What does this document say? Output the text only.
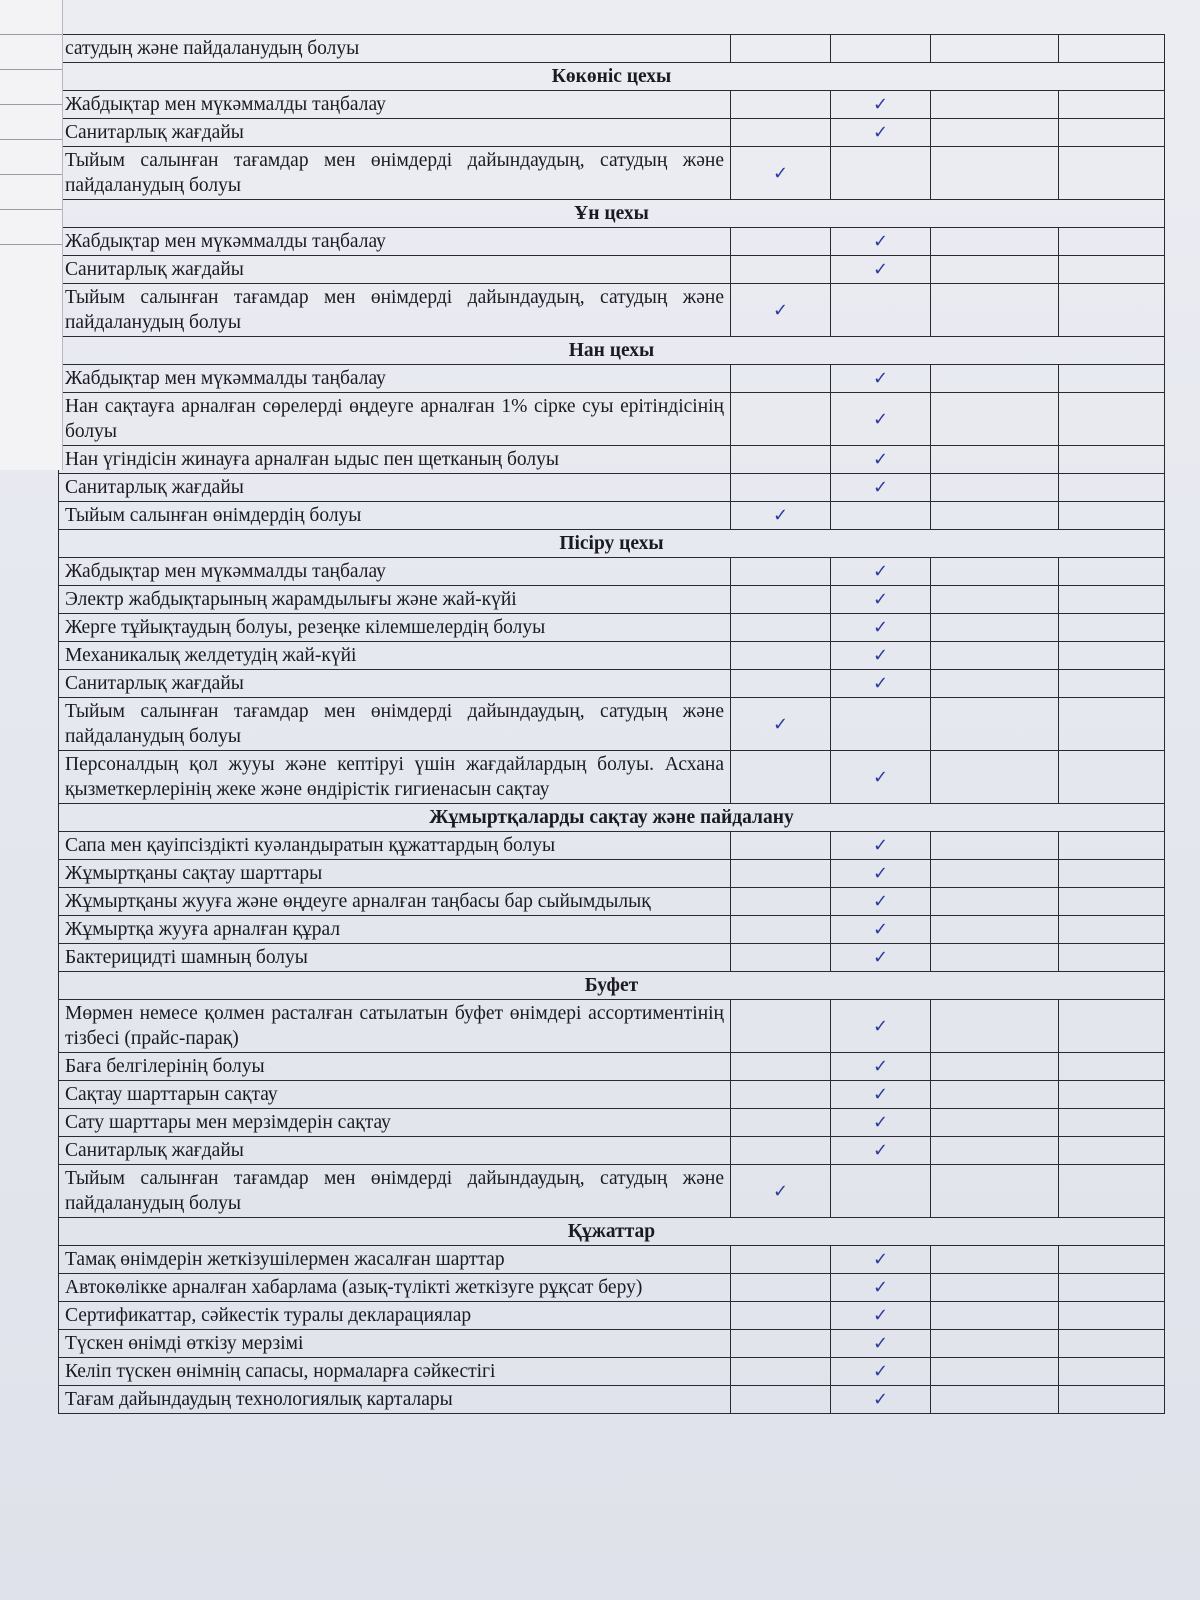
сатудың және пайдаланудың болуы				
Көкөніс цехы				
Жабдықтар мен мүкəммалды таңбалау		✓		
Санитарлық жағдайы		✓		
Тыйым салынған тағамдар мен өнімдерді дайындаудың, сатудың және пайдаланудың болуы	✓			
Ұн цехы				
Жабдықтар мен мүкəммалды таңбалау		✓		
Санитарлық жағдайы		✓		
Тыйым салынған тағамдар мен өнімдерді дайындаудың, сатудың және пайдаланудың болуы	✓			
Нан цехы				
Жабдықтар мен мүкəммалды таңбалау		✓		
Нан сақтауға арналған сөрелерді өңдеуге арналған 1% сірке суы ерітіндісінің болуы		✓		
Нан үгіндісін жинауға арналған ыдыс пен щетканың болуы		✓		
Санитарлық жағдайы		✓		
Тыйым салынған өнімдердің болуы	✓			
Пісіру цехы				
Жабдықтар мен мүкəммалды таңбалау		✓		
Электр жабдықтарының жарамдылығы және жай-күйі		✓		
Жерге тұйықтаудың болуы, резеңке кілемшелердің болуы		✓		
Механикалық желдетудің жай-күйі		✓		
Санитарлық жағдайы		✓		
Тыйым салынған тағамдар мен өнімдерді дайындаудың, сатудың және пайдаланудың болуы	✓			
Персоналдың қол жууы және кептіруі үшін жағдайлардың болуы. Асхана қызметкерлерінің жеке және өндірістік гигиенасын сақтау		✓		
Жұмыртқаларды сақтау және пайдалану				
Сапа мен қауіпсіздікті куəландыратын құжаттардың болуы		✓		
Жұмыртқаны сақтау шарттары		✓		
Жұмыртқаны жууға және өңдеуге арналған таңбасы бар сыйымдылық		✓		
Жұмыртқа жууға арналған құрал		✓		
Бактерицидті шамның болуы		✓		
Буфет				
Мөрмен немесе қолмен расталған сатылатын буфет өнімдері ассортиментінің тізбесі (прайс-парақ)		✓		
Баға белгілерінің болуы		✓		
Сақтау шарттарын сақтау		✓		
Сату шарттары мен мерзімдерін сақтау		✓		
Санитарлық жағдайы		✓		
Тыйым салынған тағамдар мен өнімдерді дайындаудың, сатудың және пайдаланудың болуы	✓			
Құжаттар				
Тамақ өнімдерін жеткізушілермен жасалған шарттар		✓		
Автокөлікке арналған хабарлама (азық-түлікті жеткізуге рұқсат беру)		✓		
Сертификаттар, сəйкестік туралы декларациялар		✓		
Түскен өнімді өткізу мерзімі		✓		
Келіп түскен өнімнің сапасы, нормаларға сəйкестігі		✓		
Тағам дайындаудың технологиялық карталары		✓		
